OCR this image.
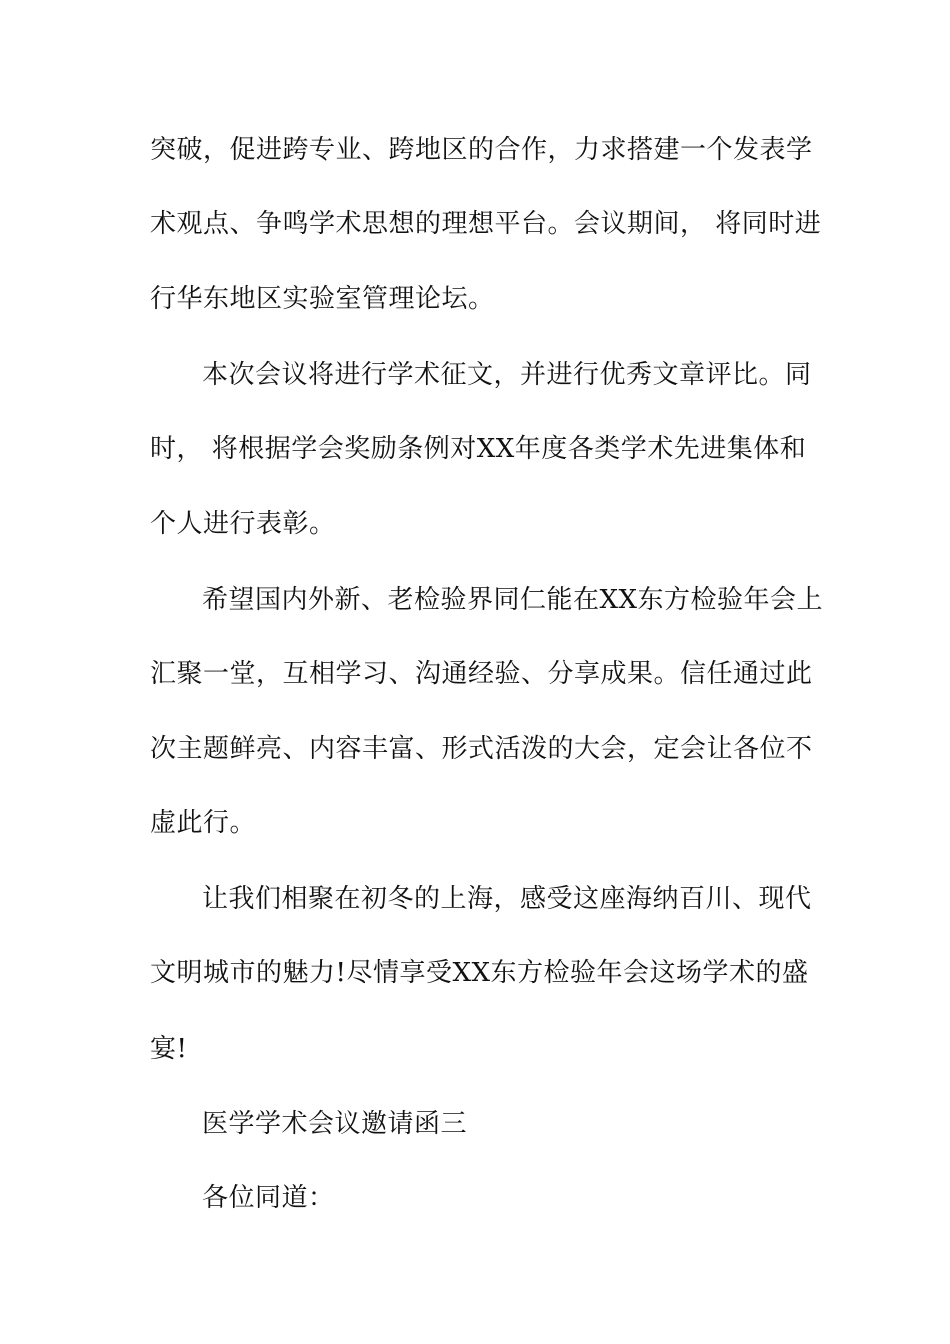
突破，促进跨专业、跨地区的合作，力求搭建一个发表学
术观点、争鸣学术思想的理想平台。会议期间， 将同时进
行华东地区实验室管理论坛。
本次会议将进行学术征文，并进行优秀文章评比。同
时， 将根据学会奖励条例对XX年度各类学术先进集体和
个人进行表彰。
希望国内外新、老检验界同仁能在XX东方检验年会上
汇聚一堂，互相学习、沟通经验、分享成果。信任通过此
次主题鲜亮、内容丰富、形式活泼的大会，定会让各位不
虚此行。
让我们相聚在初冬的上海，感受这座海纳百川、现代
文明城市的魅力!尽情享受XX东方检验年会这场学术的盛
宴!
医学学术会议邀请函三
各位同道：
